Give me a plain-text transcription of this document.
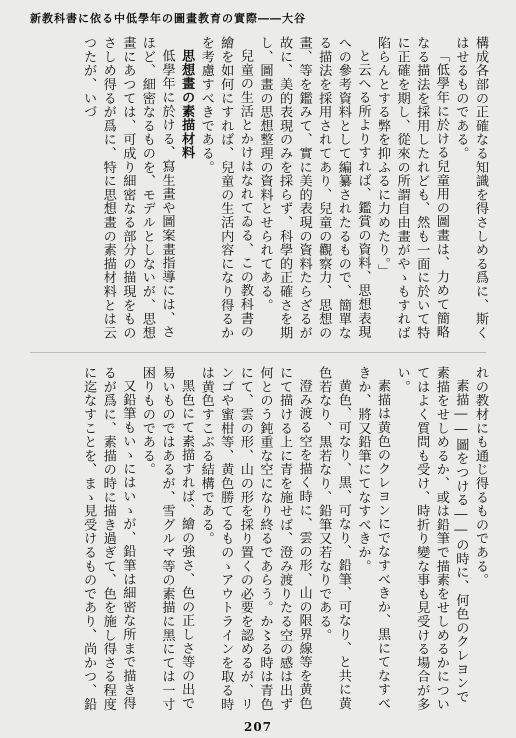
新教科書に依る中低學年の圖畫教育の實際――大谷

構成各部の正確なる知識を得さしめる爲に、斯くはせるものである。

「低學年に於ける兒童用の圖畫は、力めて簡略なる描法を採用したれども、然も一面に於いて特に正確を期し、從來の所謂自由畫がやゝもすれば陷らんとする弊を抑ふるに力めたり。」

と云へる所よりすれば、鑑賞の資料、思想表現への參考資料として編纂されたるもので、簡單なる描法を採用されてあり、兒童の觀察力、思想の畫、等を鑑みて、實に美的表現の資料たらざるが故に、美的表現のみを採らず、科學的正確さを期し、圖畫の思想整理の資料とせられてある。

兒童の生活とかけはなれてゐる、この教科書の繪を如何にすれば、兒童の生活内容になり得るかを考慮すべきである。

思想畫の素描材料

低學年に於ける、寫生畫や圖案畫指導には、さほど、細密なるものを、モデルとしないが、思想畫にあつては、可成り細密なる部分の描現をものさしめ得るが爲に、特に思想畫の素描材料とは云つたが、いづ

れの教材にも通じ得るものである。

素描――圖をつける――の時に、何色のクレヨンで素描をせしめるか、或は鉛筆で描素をせしめるかについてはよく質問も受け、時折り變な事も見受ける場合が多い。

素描は黄色のクレヨンにでなすべきか、黒にてなすべきか、將又鉛筆にてなすべきか。

黄色、可なり、黒、可なり、鉛筆、可なり、と共に黄色若なり、黒若なり、鉛筆又若なりである。

澄み渡る空を描く時に、雲の形、山の限界線等を黄色にて描ける上に青を施せば、澄み渡りたる空の感は出ず何とのう鈍重な空になり終るであらう。か〻る時は青色にて、雲の形、山の形を採り置くの必要を認めるが、リンゴや蜜柑等、黄色勝てるものゝアウトラインを取る時は黄色すこぶる結構である。

黑色にて素描すれば、繪の強さ、色の正しさ等の出で易いものではあるが、雪グルマ等の素描に黑にては一寸困りものである。

又鉛筆もいゝにはいゝが、鉛筆は細密な所まで描き得るが爲に、素描の時に描き過ぎて、色を施し得さる程度に迄なすことを、まゝ見受けるものであり、尚かつ、鉛

207
